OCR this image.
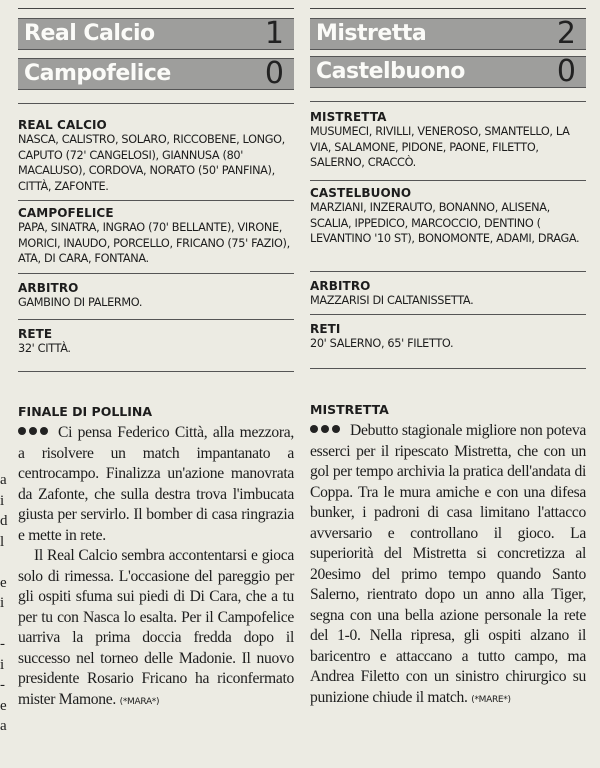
a
i
d
l

e
i

-
i
-
e
a
Real Calcio	1
Campofelice	0
REAL CALCIO

NASCA, CALISTRO, SOLARO, RICCOBENE, LONGO, CAPUTO (72' CANGELOSI), GIANNUSA (80' MACALUSO), CORDOVA, NORATO (50' PANFINA), CITTÀ, ZAFONTE.

CAMPOFELICE

PAPA, SINATRA, INGRAO (70' BELLANTE), VIRONE, MORICI, INAUDO, PORCELLO, FRICANO (75' FAZIO), ATA, DI CARA, FONTANA.

ARBITRO

GAMBINO DI PALERMO.

RETE

32' CITTÀ.

FINALE DI POLLINA

Ci pensa Federico Città, alla mezzora, a risolvere un match impantanato a centrocampo. Finalizza un'azione manovrata da Zafonte, che sulla destra trova l'imbucata giusta per servirlo. Il bomber di casa ringrazia e mette in rete.

Il Real Calcio sembra accontentarsi e gioca solo di rimessa. L'occasione del pareggio per gli ospiti sfuma sui piedi di Di Cara, che a tu per tu con Nasca lo esalta. Per il Campofelice uarriva la prima doccia fredda dopo il successo nel torneo delle Madonie. Il nuovo presidente Rosario Fricano ha riconfermato mister Mamone. (*MARA*)

Mistretta	2
Castelbuono	0
MISTRETTA

MUSUMECI, RIVILLI, VENEROSO, SMANTELLO, LA VIA, SALAMONE, PIDONE, PAONE, FILETTO, SALERNO, CRACCÒ.

CASTELBUONO

MARZIANI, INZERAUTO, BONANNO, ALISENA, SCALIA, IPPEDICO, MARCOCCIO, DENTINO ( LEVANTINO '10 ST), BONOMONTE, ADAMI, DRAGA.

ARBITRO

MAZZARISI DI CALTANISSETTA.

RETI

20' SALERNO, 65' FILETTO.

MISTRETTA

Debutto stagionale migliore non poteva esserci per il ripescato Mistretta, che con un gol per tempo archivia la pratica dell'andata di Coppa. Tra le mura amiche e con una difesa bunker, i padroni di casa limitano l'attacco avversario e controllano il gioco. La superiorità del Mistretta si concretizza al 20esimo del primo tempo quando Santo Salerno, rientrato dopo un anno alla Tiger, segna con una bella azione personale la rete del 1-0. Nella ripresa, gli ospiti alzano il baricentro e attaccano a tutto campo, ma Andrea Filetto con un sinistro chirurgico su punizione chiude il match. (*MARE*)
